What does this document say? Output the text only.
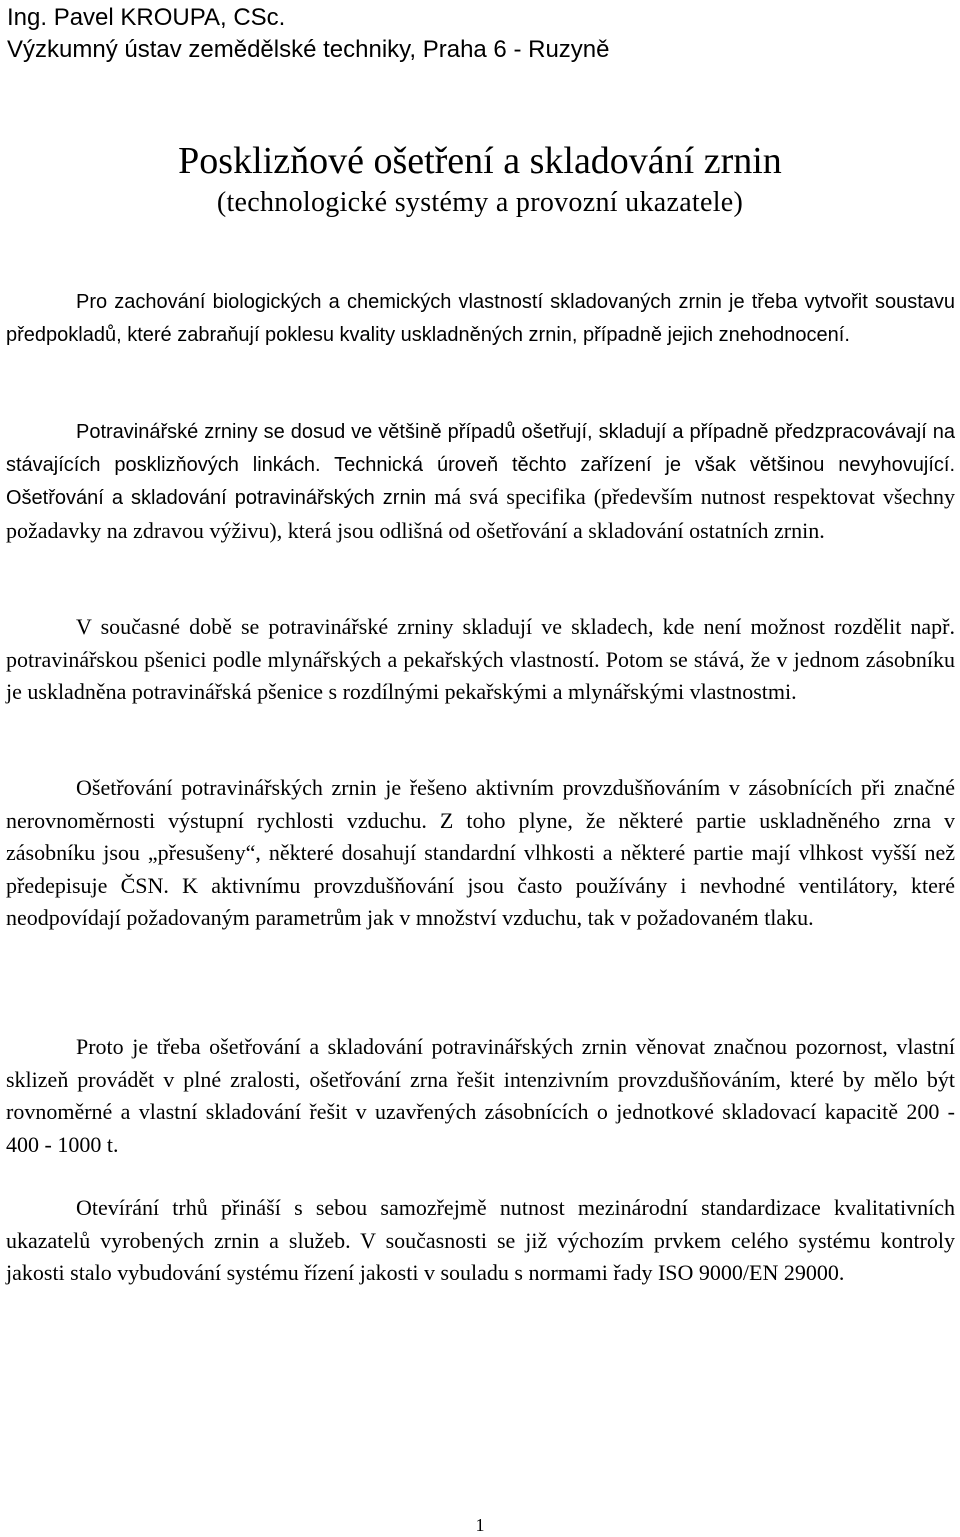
Ing. Pavel KROUPA, CSc.
Výzkumný ústav zemědělské techniky, Praha 6 - Ruzyně
Posklizňové ošetření a skladování zrnin
(technologické systémy a provozní ukazatele)

Pro zachování biologických a chemických vlastností skladovaných zrnin je třeba vytvořit soustavu předpokladů, které zabraňují poklesu kvality uskladněných zrnin, případně jejich znehodnocení.

Potravinářské zrniny se dosud ve většině případů ošetřují, skladují a případně předzpracovávají na stávajících posklizňových linkách. Technická úroveň těchto zařízení je však většinou nevyhovující. Ošetřování a skladování potravinářských zrnin má svá specifika (především nutnost respektovat všechny požadavky na zdravou výživu), která jsou odlišná od ošetřování a skladování ostatních zrnin.

V současné době se potravinářské zrniny skladují ve skladech, kde není možnost rozdělit např. potravinářskou pšenici podle mlynářských a pekařských vlastností. Potom se stává, že v jednom zásobníku je uskladněna potravinářská pšenice s rozdílnými pekařskými a mlynářskými vlastnostmi.

Ošetřování potravinářských zrnin je řešeno aktivním provzdušňováním v zásobnících při značné nerovnoměrnosti výstupní rychlosti vzduchu. Z toho plyne, že některé partie uskladněného zrna v zásobníku jsou „přesušeny“, některé dosahují standardní vlhkosti a některé partie mají vlhkost vyšší než předepisuje ČSN. K aktivnímu provzdušňování jsou často používány i nevhodné ventilátory, které neodpovídají požadovaným parametrům jak v množství vzduchu, tak v požadovaném tlaku.

Proto je třeba ošetřování a skladování potravinářských zrnin věnovat značnou pozornost, vlastní sklizeň provádět v plné zralosti, ošetřování zrna řešit intenzivním provzdušňováním, které by mělo být rovnoměrné a vlastní skladování řešit v uzavřených zásobnících o jednotkové skladovací kapacitě 200 - 400 - 1000 t.

Otevírání trhů přináší s sebou samozřejmě nutnost mezinárodní standardizace kvalitativních ukazatelů vyrobených zrnin a služeb. V současnosti se již výchozím prvkem celého systému kontroly jakosti stalo vybudování systému řízení jakosti v souladu s normami řady ISO 9000/EN 29000.

1
